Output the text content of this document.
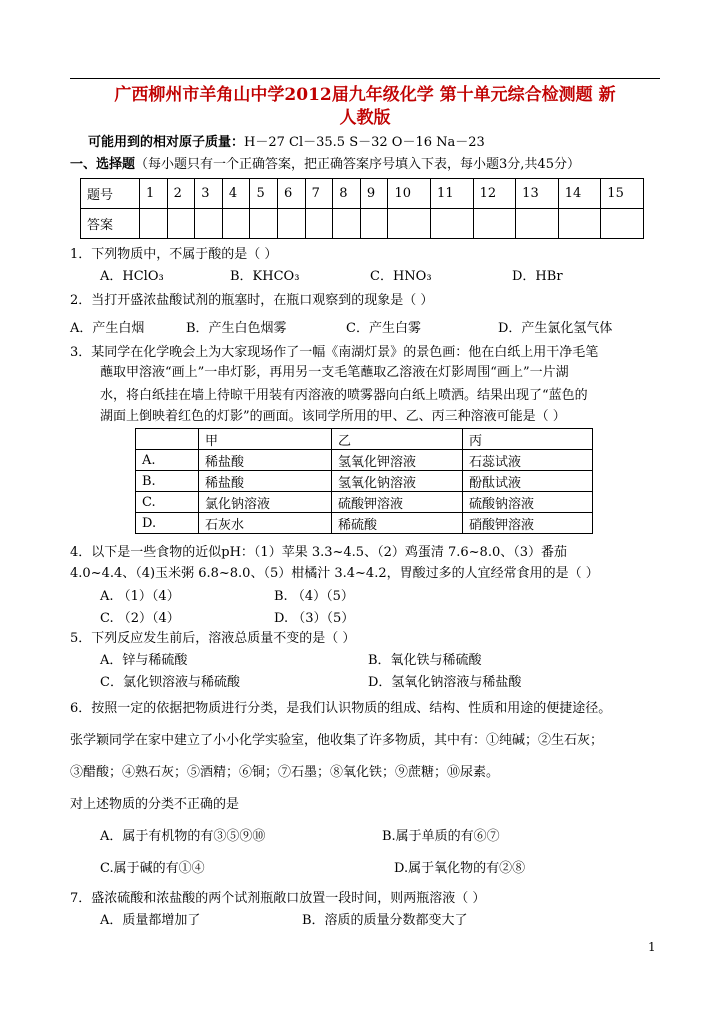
广西柳州市羊角山中学2012届九年级化学 第十单元综合检测题 新
人教版
可能用到的相对原子质量：H－27 Cl－35.5 S－32 O－16 Na－23
一、选择题（每小题只有一个正确答案，把正确答案序号填入下表，每小题3分,共45分）
题号	1	2	3	4	5	6	7	8	9	10	11	12	13	14	15
答案															
1．下列物质中，不属于酸的是（ ）
A．HClO₃	B．KHCO₃	C．HNO₃	D．HBr
2．当打开盛浓盐酸试剂的瓶塞时，在瓶口观察到的现象是（ ）
A．产生白烟	B．产生白色烟雾	C．产生白雾	D．产生氯化氢气体
3．某同学在化学晚会上为大家现场作了一幅《南湖灯景》的景色画：他在白纸上用干净毛笔
蘸取甲溶液“画上”一串灯影，再用另一支毛笔蘸取乙溶液在灯影周围“画上”一片湖
水，将白纸挂在墙上待晾干用装有丙溶液的喷雾器向白纸上喷洒。结果出现了“蓝色的
湖面上倒映着红色的灯影”的画面。该同学所用的甲、乙、丙三种溶液可能是（ ）
	甲	乙	丙
A.	稀盐酸	氢氧化钾溶液	石蕊试液
B.	稀盐酸	氢氧化钠溶液	酚酞试液
C.	氯化钠溶液	硫酸钾溶液	硫酸钠溶液
D.	石灰水	稀硫酸	硝酸钾溶液
4．以下是一些食物的近似pH：（1）苹果 3.3~4.5、（2）鸡蛋清 7.6~8.0、（3）番茄
4.0~4.4、（4)玉米粥 6.8~8.0、（5）柑橘汁 3.4~4.2，胃酸过多的人宜经常食用的是（ ）
A. （1）（4）	B. （4）（5）
C. （2）（4）	D. （3）（5）
5．下列反应发生前后，溶液总质量不变的是（ ）
A．锌与稀硫酸	B．氧化铁与稀硫酸
C．氯化钡溶液与稀硫酸	D．氢氧化钠溶液与稀盐酸
6．按照一定的依据把物质进行分类，是我们认识物质的组成、结构、性质和用途的便捷途径。
张学颖同学在家中建立了小小化学实验室，他收集了许多物质，其中有：①纯碱；②生石灰；
③醋酸；④熟石灰；⑤酒精；⑥铜；⑦石墨；⑧氧化铁；⑨蔗糖；⑩尿素。
对上述物质的分类不正确的是
A．属于有机物的有③⑤⑨⑩	B.属于单质的有⑥⑦
C.属于碱的有①④	D.属于氧化物的有②⑧
7．盛浓硫酸和浓盐酸的两个试剂瓶敞口放置一段时间，则两瓶溶液（ ）
A．质量都增加了	B．溶质的质量分数都变大了
1
